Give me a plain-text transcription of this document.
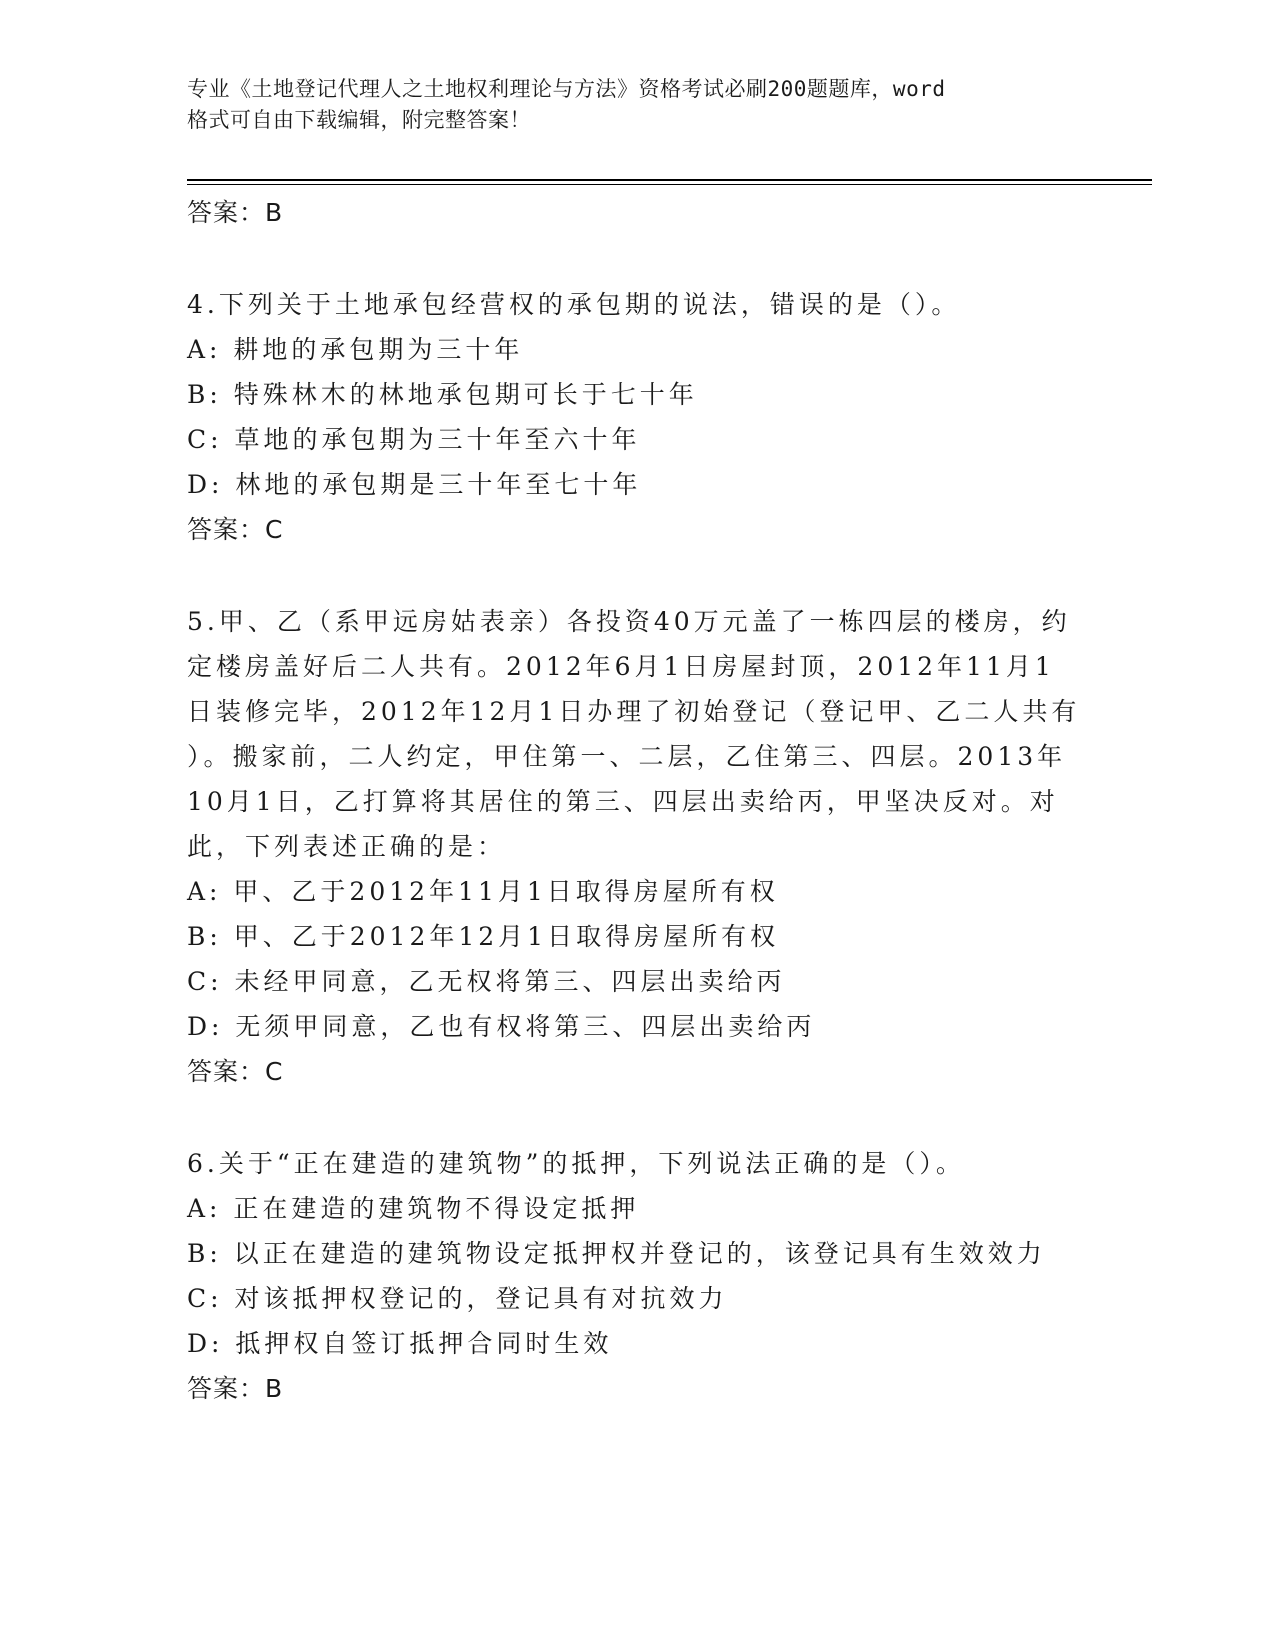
专业《土地登记代理人之土地权利理论与方法》资格考试必刷200题题库，word
格式可自由下载编辑，附完整答案！
答案：B
4.下列关于土地承包经营权的承包期的说法，错误的是（）。
A: 耕地的承包期为三十年
B: 特殊林木的林地承包期可长于七十年
C: 草地的承包期为三十年至六十年
D: 林地的承包期是三十年至七十年
答案：C
5.甲、乙（系甲远房姑表亲）各投资40万元盖了一栋四层的楼房，约
定楼房盖好后二人共有。2012年6月1日房屋封顶，2012年11月1
日装修完毕，2012年12月1日办理了初始登记（登记甲、乙二人共有
）。搬家前，二人约定，甲住第一、二层，乙住第三、四层。2013年
10月1日，乙打算将其居住的第三、四层出卖给丙，甲坚决反对。对
此，下列表述正确的是：
A: 甲、乙于2012年11月1日取得房屋所有权
B: 甲、乙于2012年12月1日取得房屋所有权
C: 未经甲同意，乙无权将第三、四层出卖给丙
D: 无须甲同意，乙也有权将第三、四层出卖给丙
答案：C
6.关于“正在建造的建筑物”的抵押，下列说法正确的是（）。
A: 正在建造的建筑物不得设定抵押
B: 以正在建造的建筑物设定抵押权并登记的，该登记具有生效效力
C: 对该抵押权登记的，登记具有对抗效力
D: 抵押权自签订抵押合同时生效
答案：B
